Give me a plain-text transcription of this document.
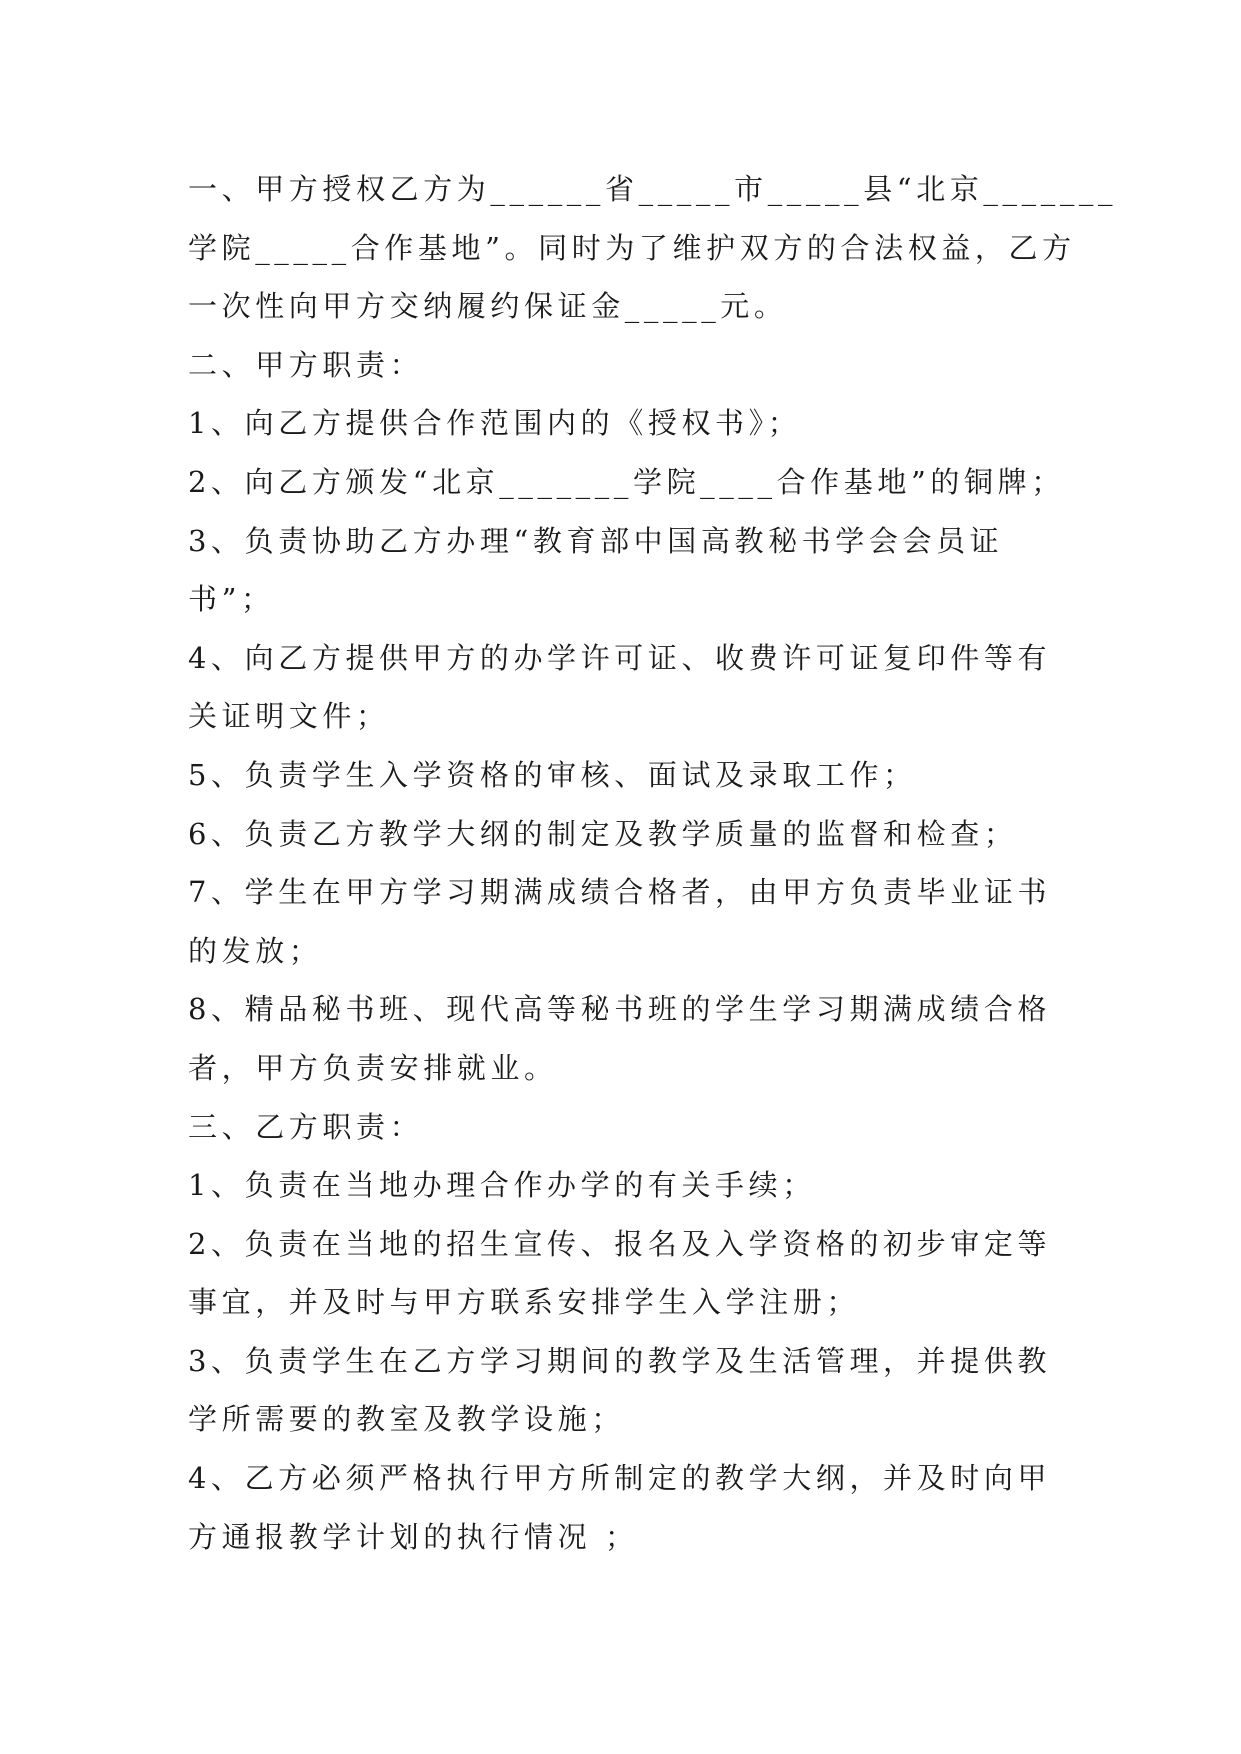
一、甲方授权乙方为______省_____市_____县“北京_______
学院_____合作基地”。同时为了维护双方的合法权益，乙方
一次性向甲方交纳履约保证金_____元。
二、甲方职责：
1、向乙方提供合作范围内的《授权书》；
2、向乙方颁发“北京_______学院____合作基地”的铜牌；
3、负责协助乙方办理“教育部中国高教秘书学会会员证
书”；
4、向乙方提供甲方的办学许可证、收费许可证复印件等有
关证明文件；
5、负责学生入学资格的审核、面试及录取工作；
6、负责乙方教学大纲的制定及教学质量的监督和检查；
7、学生在甲方学习期满成绩合格者，由甲方负责毕业证书
的发放；
8、精品秘书班、现代高等秘书班的学生学习期满成绩合格
者，甲方负责安排就业。
三、乙方职责：
1、负责在当地办理合作办学的有关手续；
2、负责在当地的招生宣传、报名及入学资格的初步审定等
事宜，并及时与甲方联系安排学生入学注册；
3、负责学生在乙方学习期间的教学及生活管理，并提供教
学所需要的教室及教学设施；
4、乙方必须严格执行甲方所制定的教学大纲，并及时向甲
方通报教学计划的执行情况 ；
